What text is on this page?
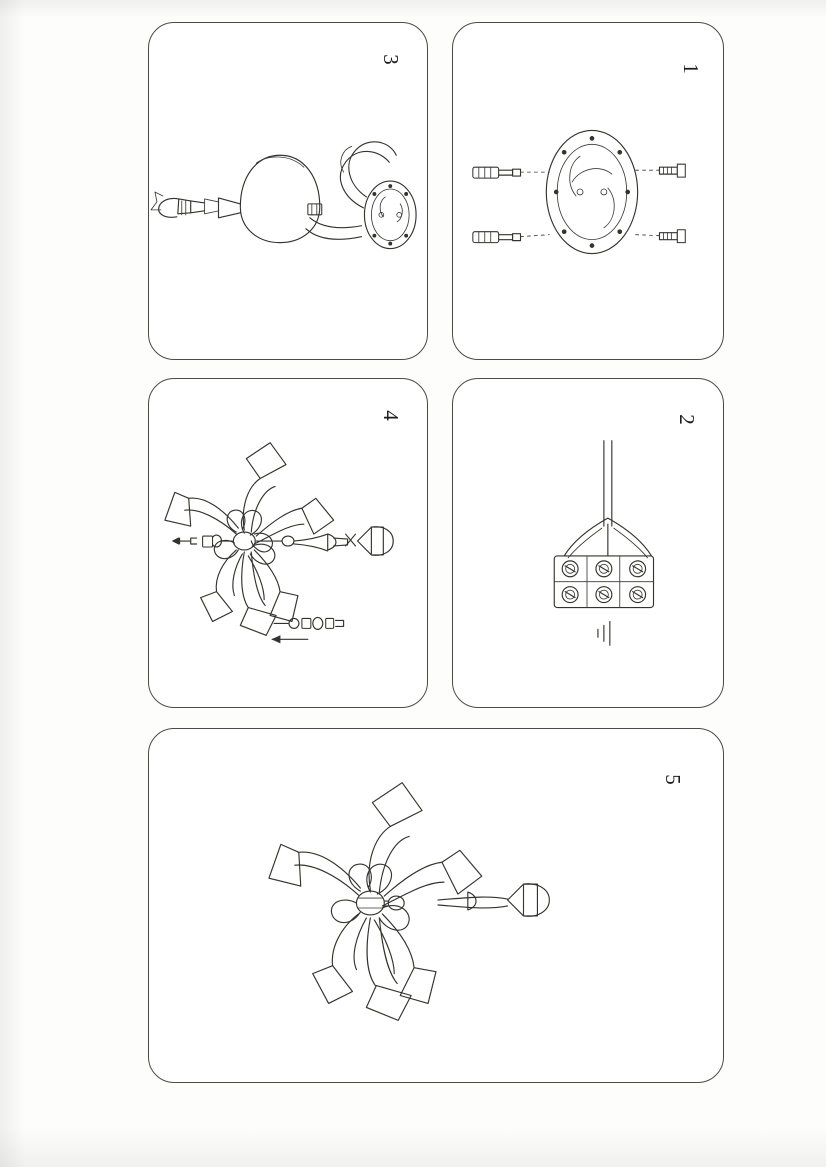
3
1
4	2
5
